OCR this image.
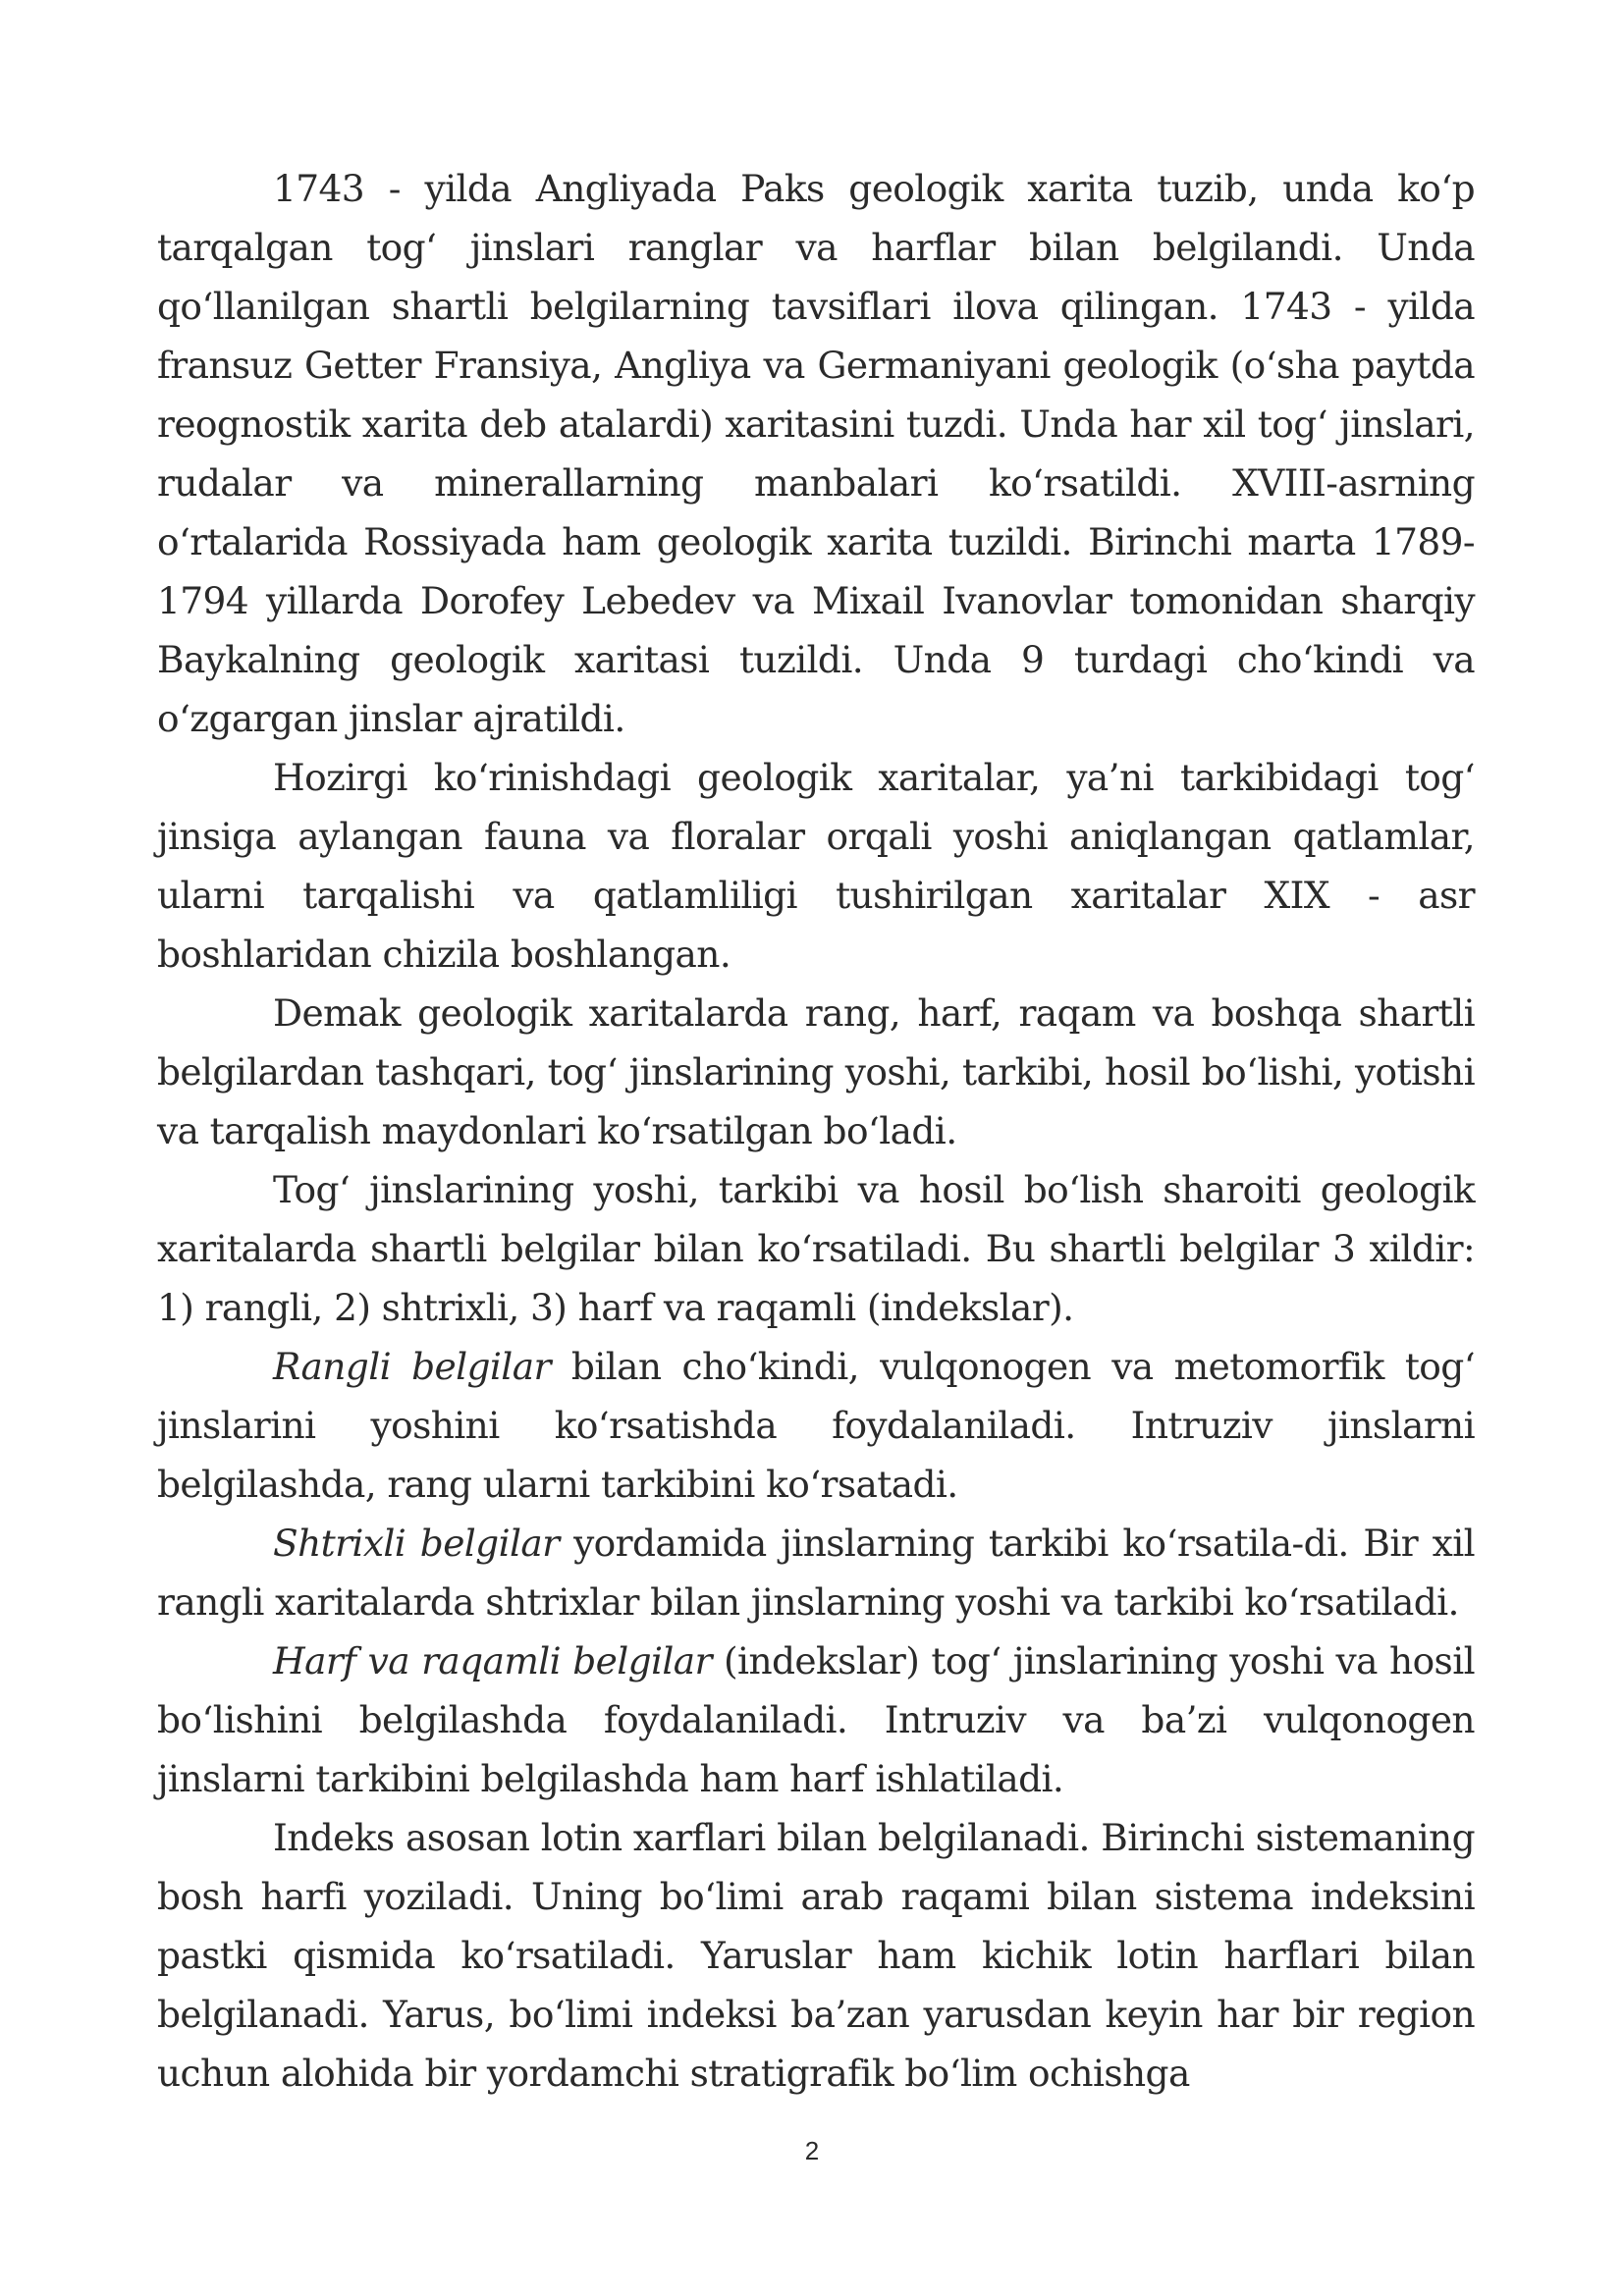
1743 - yilda Angliyada Paks geologik xarita tuzib, unda ko‘p tarqalgan tog‘ jinslari ranglar va harflar bilan belgilandi. Unda qo‘llanilgan shartli belgilarning tavsiflari ilova qilingan. 1743 - yilda fransuz Getter Fransiya, Angliya va Germaniyani geologik (o‘sha paytda reognostik xarita deb atalardi) xaritasini tuzdi. Unda har xil tog‘ jinslari, rudalar va minerallarning manbalari ko‘rsatildi. XVIII-asrning o‘rtalarida Rossiyada ham geologik xarita tuzildi. Birinchi marta 1789-1794 yillarda Dorofey Lebedev va Mixail Ivanovlar tomonidan sharqiy Baykalning geologik xaritasi tuzildi. Unda 9 turdagi cho‘kindi va o‘zgargan jinslar ajratildi.

Hozirgi ko‘rinishdagi geologik xaritalar, ya’ni tarkibidagi tog‘ jinsiga aylangan fauna va floralar orqali yoshi aniqlangan qatlamlar, ularni tarqalishi va qatlamliligi tushirilgan xaritalar XIX - asr boshlaridan chizila boshlangan.

Demak geologik xaritalarda rang, harf, raqam va boshqa shartli belgilardan tashqari, tog‘ jinslarining yoshi, tarkibi, hosil bo‘lishi, yotishi va tarqalish maydonlari ko‘rsatilgan bo‘ladi.

Tog‘ jinslarining yoshi, tarkibi va hosil bo‘lish sharoiti geologik xaritalarda shartli belgilar bilan ko‘rsatiladi. Bu shartli belgilar 3 xildir: 1) rangli, 2) shtrixli, 3) harf va raqamli (indekslar).

Rangli belgilar bilan cho‘kindi, vulqonogen va metomorfik tog‘ jinslarini yoshini ko‘rsatishda foydalaniladi. Intruziv jinslarni belgilashda, rang ularni tarkibini ko‘rsatadi.

Shtrixli belgilar yordamida jinslarning tarkibi ko‘rsatila-di. Bir xil rangli xaritalarda shtrixlar bilan jinslarning yoshi va tarkibi ko‘rsatiladi.

Harf va raqamli belgilar (indekslar) tog‘ jinslarining yoshi va hosil bo‘lishini belgilashda foydalaniladi. Intruziv va ba’zi vulqonogen jinslarni tarkibini belgilashda ham harf ishlatiladi.

Indeks asosan lotin xarflari bilan belgilanadi. Birinchi sistemaning bosh harfi yoziladi. Uning bo‘limi arab raqami bilan sistema indeksini pastki qismida ko‘rsatiladi. Yaruslar ham kichik lotin harflari bilan belgilanadi. Yarus, bo‘limi indeksi ba’zan yarusdan keyin har bir region uchun alohida bir yordamchi stratigrafik bo‘lim ochishga

2
